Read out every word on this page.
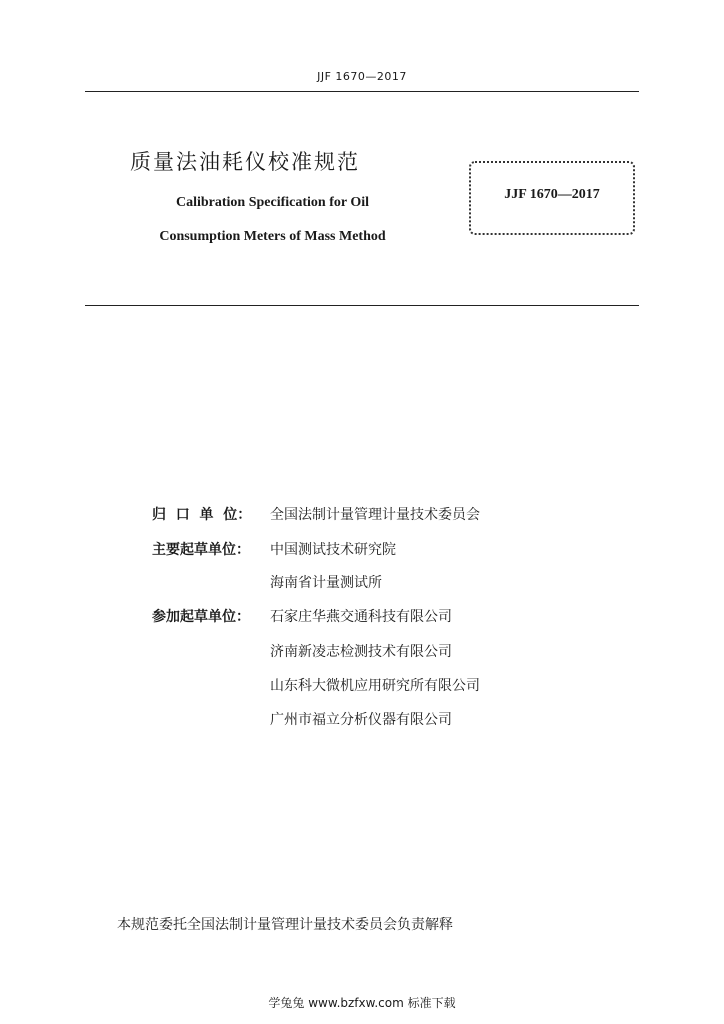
JJF 1670—2017
质量法油耗仪校准规范
Calibration Specification for Oil
Consumption Meters of Mass Method
JJF 1670—2017
归  口  单  位：	全国法制计量管理计量技术委员会
主要起草单位：	中国测试技术研究院
海南省计量测试所
参加起草单位：	石家庄华燕交通科技有限公司
济南新凌志检测技术有限公司
山东科大微机应用研究所有限公司
广州市福立分析仪器有限公司
本规范委托全国法制计量管理计量技术委员会负责解释
学兔兔 www.bzfxw.com 标准下载
